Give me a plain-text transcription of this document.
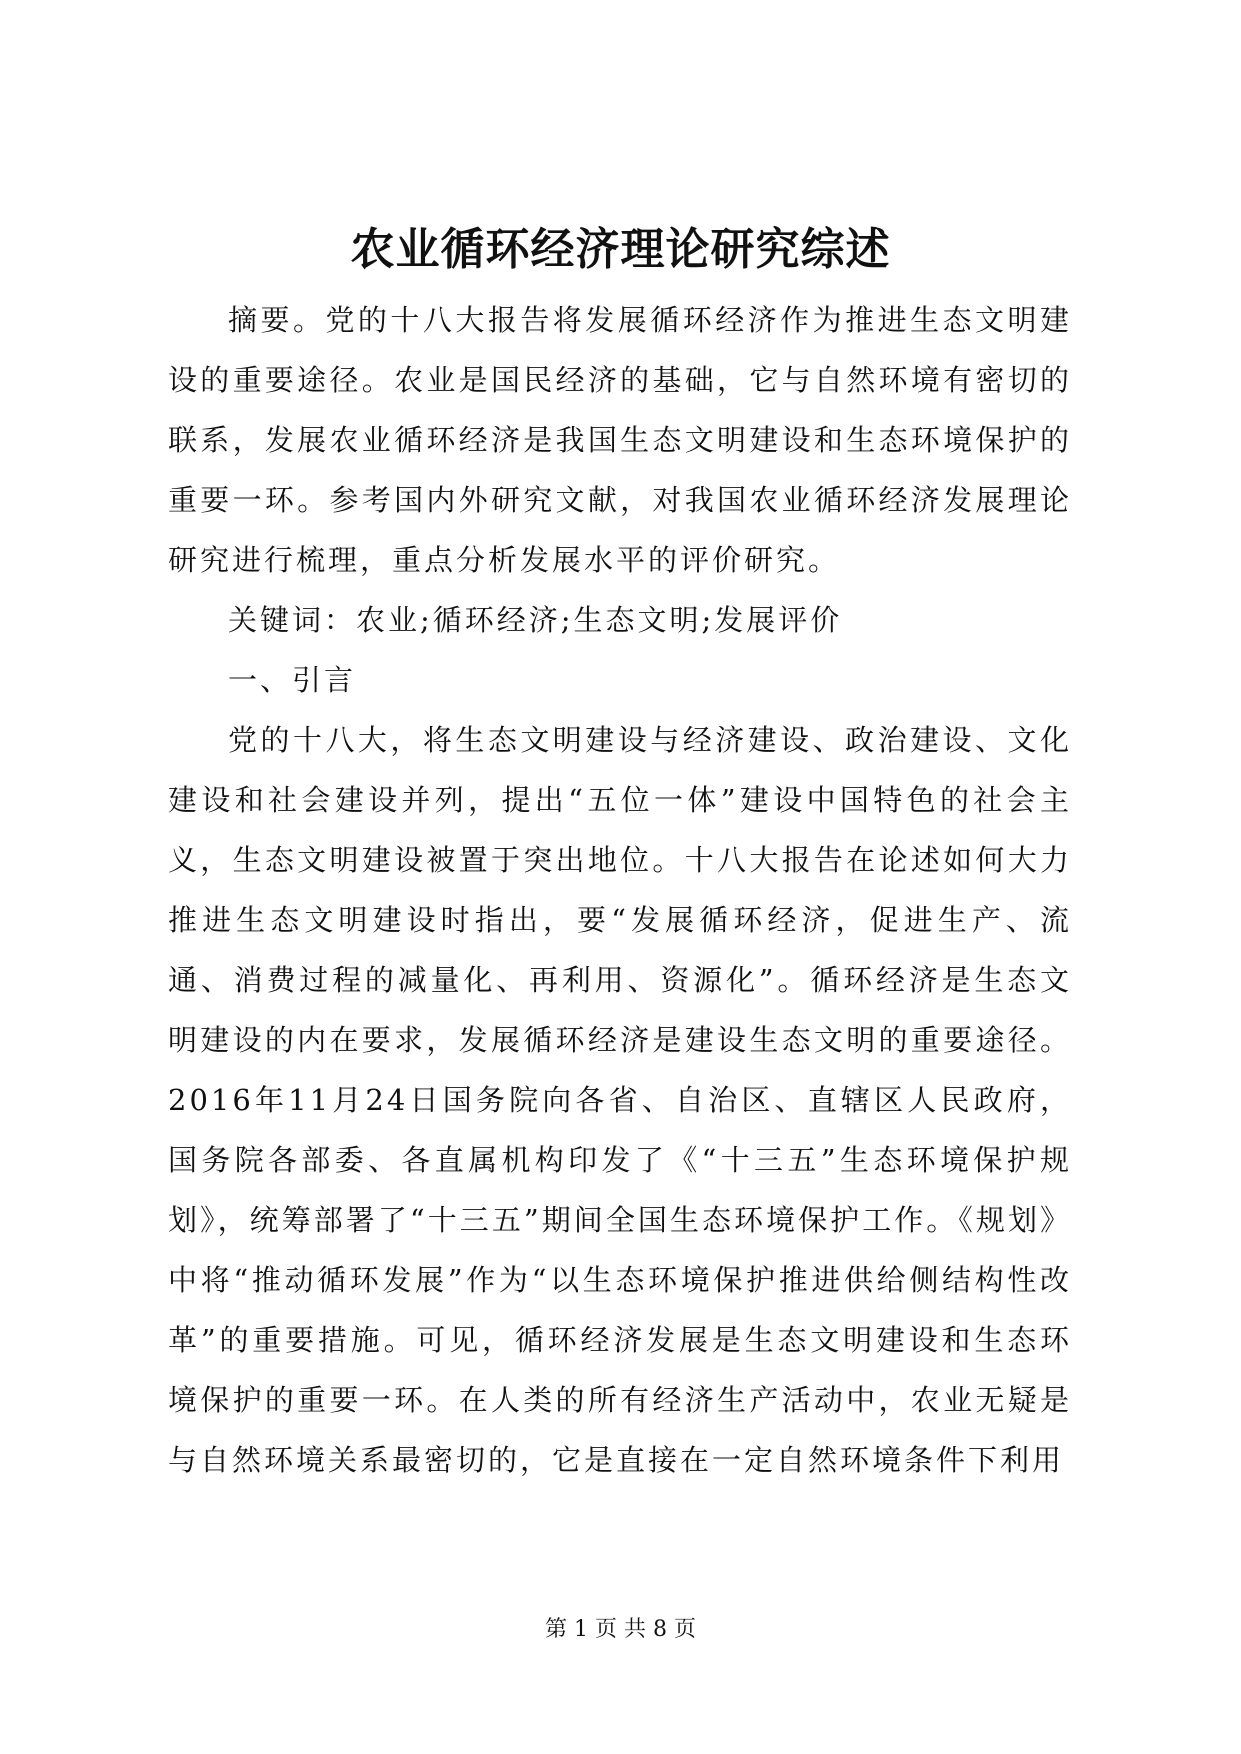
农业循环经济理论研究综述

摘要。党的十八大报告将发展循环经济作为推进生态文明建设的重要途径。农业是国民经济的基础，它与自然环境有密切的联系，发展农业循环经济是我国生态文明建设和生态环境保护的重要一环。参考国内外研究文献，对我国农业循环经济发展理论研究进行梳理，重点分析发展水平的评价研究。

关键词：农业;循环经济;生态文明;发展评价

一、引言

党的十八大，将生态文明建设与经济建设、政治建设、文化建设和社会建设并列，提出“五位一体”建设中国特色的社会主义，生态文明建设被置于突出地位。十八大报告在论述如何大力推进生态文明建设时指出，要“发展循环经济，促进生产、流通、消费过程的减量化、再利用、资源化”。循环经济是生态文明建设的内在要求，发展循环经济是建设生态文明的重要途径。2016年11月24日国务院向各省、自治区、直辖区人民政府，国务院各部委、各直属机构印发了《“十三五”生态环境保护规划》，统筹部署了“十三五”期间全国生态环境保护工作。《规划》中将“推动循环发展”作为“以生态环境保护推进供给侧结构性改革”的重要措施。可见，循环经济发展是生态文明建设和生态环境保护的重要一环。在人类的所有经济生产活动中，农业无疑是与自然环境关系最密切的，它是直接在一定自然环境条件下利用

第 1 页 共 8 页
